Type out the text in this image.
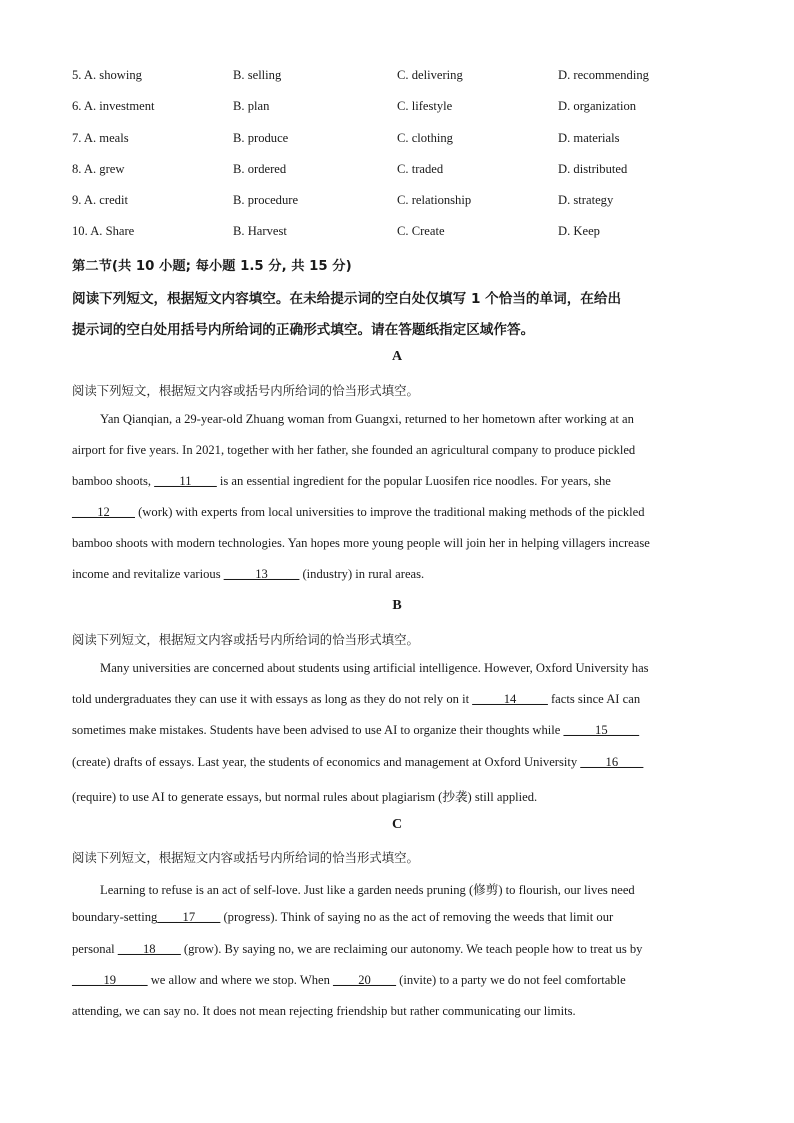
5. A. showing	B. selling	C. delivering	D. recommending
6. A. investment	B. plan	C. lifestyle	D. organization
7. A. meals	B. produce	C. clothing	D. materials
8. A. grew	B. ordered	C. traded	D. distributed
9. A. credit	B. procedure	C. relationship	D. strategy
10. A. Share	B. Harvest	C. Create	D. Keep
第二节(共 10 小题; 每小题 1.5 分, 共 15 分)
阅读下列短文，根据短文内容填空。在未给提示词的空白处仅填写 1 个恰当的单词，在给出
提示词的空白处用括号内所给词的正确形式填空。请在答题纸指定区域作答。
A
阅读下列短文，根据短文内容或括号内所给词的恰当形式填空。
Yan Qianqian, a 29-year-old Zhuang woman from Guangxi, returned to her hometown after working at an
airport for five years. In 2021, together with her father, she founded an agricultural company to produce pickled
bamboo shoots, ____11____ is an essential ingredient for the popular Luosifen rice noodles. For years, she
____12____ (work) with experts from local universities to improve the traditional making methods of the pickled
bamboo shoots with modern technologies. Yan hopes more young people will join her in helping villagers increase
income and revitalize various _____13_____ (industry) in rural areas.
B
阅读下列短文，根据短文内容或括号内所给词的恰当形式填空。
Many universities are concerned about students using artificial intelligence. However, Oxford University has
told undergraduates they can use it with essays as long as they do not rely on it _____14_____ facts since AI can
sometimes make mistakes. Students have been advised to use AI to organize their thoughts while _____15_____
(create) drafts of essays. Last year, the students of economics and management at Oxford University ____16____
(require) to use AI to generate essays, but normal rules about plagiarism (抄袭) still applied.
C
阅读下列短文，根据短文内容或括号内所给词的恰当形式填空。
Learning to refuse is an act of self-love. Just like a garden needs pruning (修剪) to flourish, our lives need
boundary-setting____17____ (progress). Think of saying no as the act of removing the weeds that limit our
personal ____18____ (grow). By saying no, we are reclaiming our autonomy. We teach people how to treat us by
_____19_____ we allow and where we stop. When ____20____ (invite) to a party we do not feel comfortable
attending, we can say no. It does not mean rejecting friendship but rather communicating our limits.
